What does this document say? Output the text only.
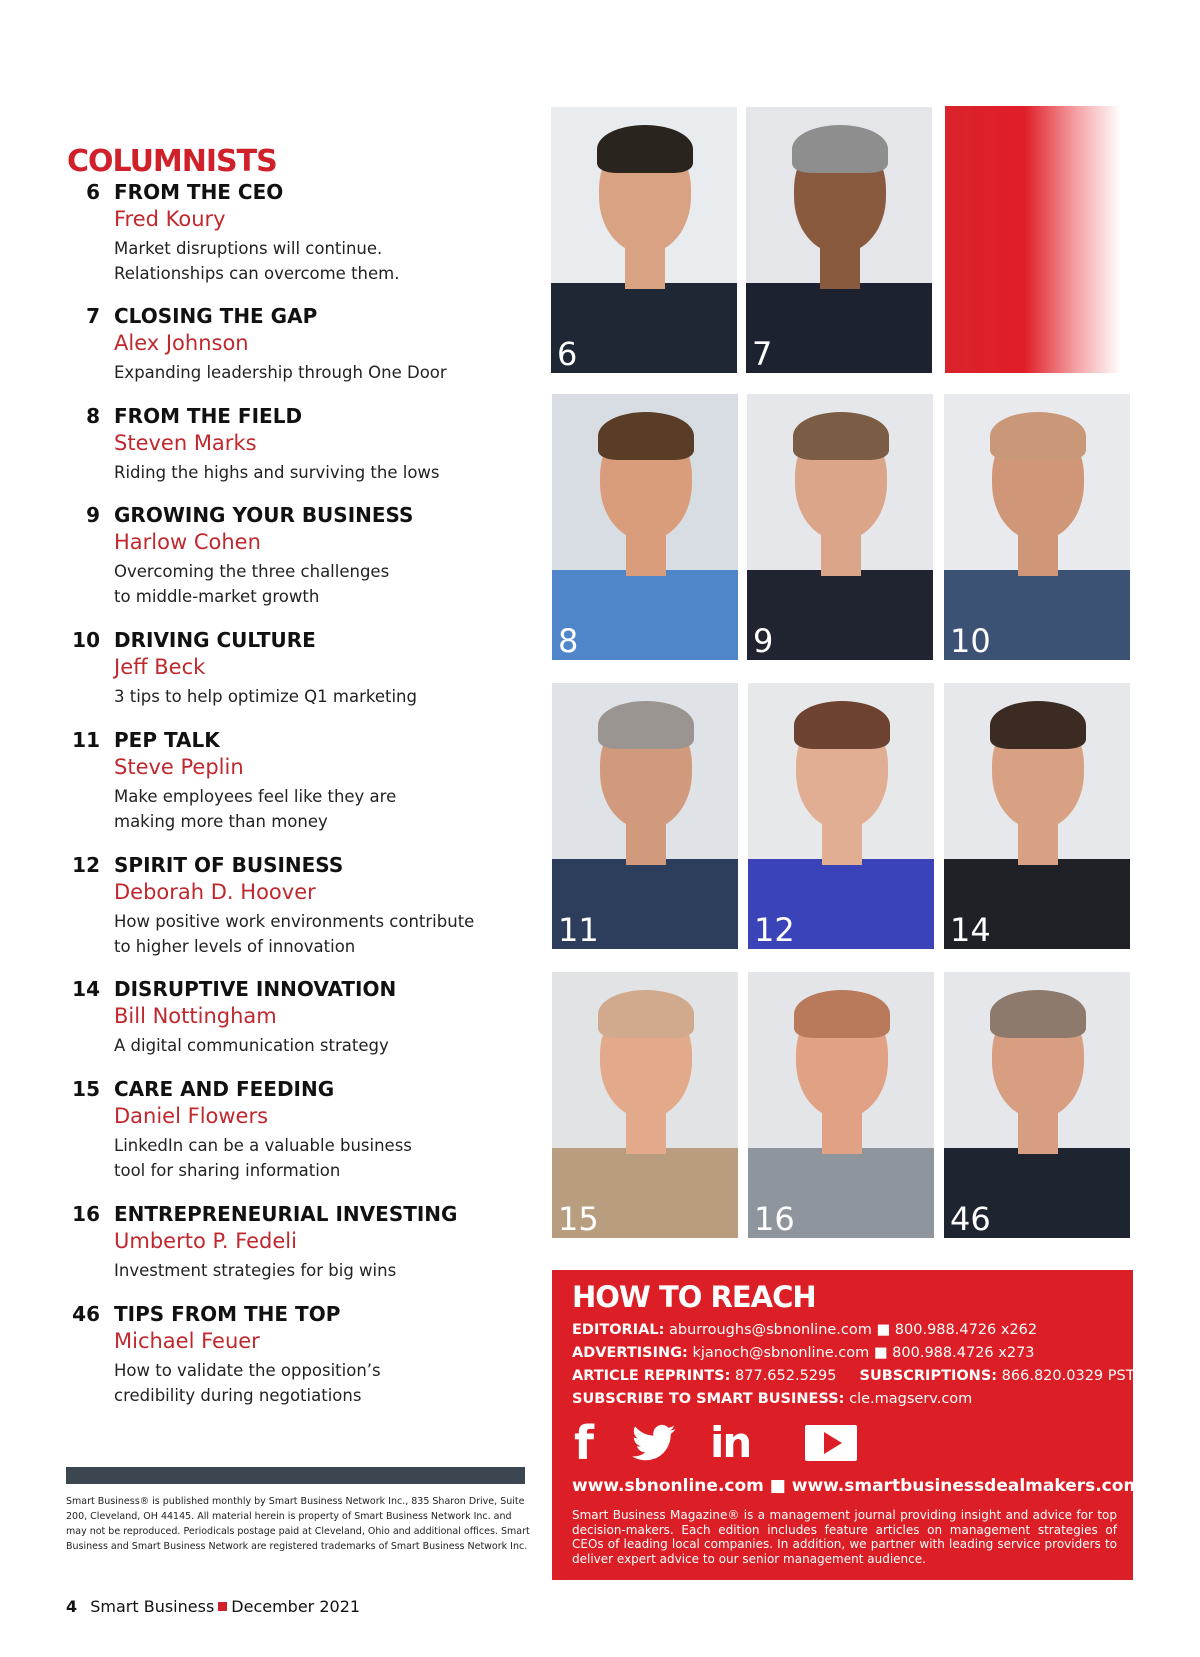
COLUMNISTS
6 FROM THE CEO
Fred Koury
Market disruptions will continue.
Relationships can overcome them.
7 CLOSING THE GAP
Alex Johnson
Expanding leadership through One Door
8 FROM THE FIELD
Steven Marks
Riding the highs and surviving the lows
9 GROWING YOUR BUSINESS
Harlow Cohen
Overcoming the three challenges
to middle-market growth
10 DRIVING CULTURE
Jeff Beck
3 tips to help optimize Q1 marketing
11 PEP TALK
Steve Peplin
Make employees feel like they are
making more than money
12 SPIRIT OF BUSINESS
Deborah D. Hoover
How positive work environments contribute
to higher levels of innovation
14 DISRUPTIVE INNOVATION
Bill Nottingham
A digital communication strategy
15 CARE AND FEEDING
Daniel Flowers
LinkedIn can be a valuable business
tool for sharing information
16 ENTREPRENEURIAL INVESTING
Umberto P. Fedeli
Investment strategies for big wins
46 TIPS FROM THE TOP
Michael Feuer
How to validate the opposition’s
credibility during negotiations
6	7
8	9	10
11	12	14
15	16	46
HOW TO REACH
EDITORIAL: aburroughs@sbnonline.com ■ 800.988.4726 x262
ADVERTISING: kjanoch@sbnonline.com ■ 800.988.4726 x273
ARTICLE REPRINTS: 877.652.5295 SUBSCRIPTIONS: 866.820.0329 PST
SUBSCRIBE TO SMART BUSINESS: cle.magserv.com
f	in
www.sbnonline.com ■ www.smartbusinessdealmakers.com
Smart Business Magazine® is a management journal providing insight and advice for top decision-makers. Each edition includes feature articles on management strategies of CEOs of leading local companies. In addition, we partner with leading service providers to deliver expert advice to our senior management audience.
Smart Business® is published monthly by Smart Business Network Inc., 835 Sharon Drive, Suite 200, Cleveland, OH 44145. All material herein is property of Smart Business Network Inc. and may not be reproduced. Periodicals postage paid at Cleveland, Ohio and additional offices. Smart Business and Smart Business Network are registered trademarks of Smart Business Network Inc.
4 Smart Business December 2021
